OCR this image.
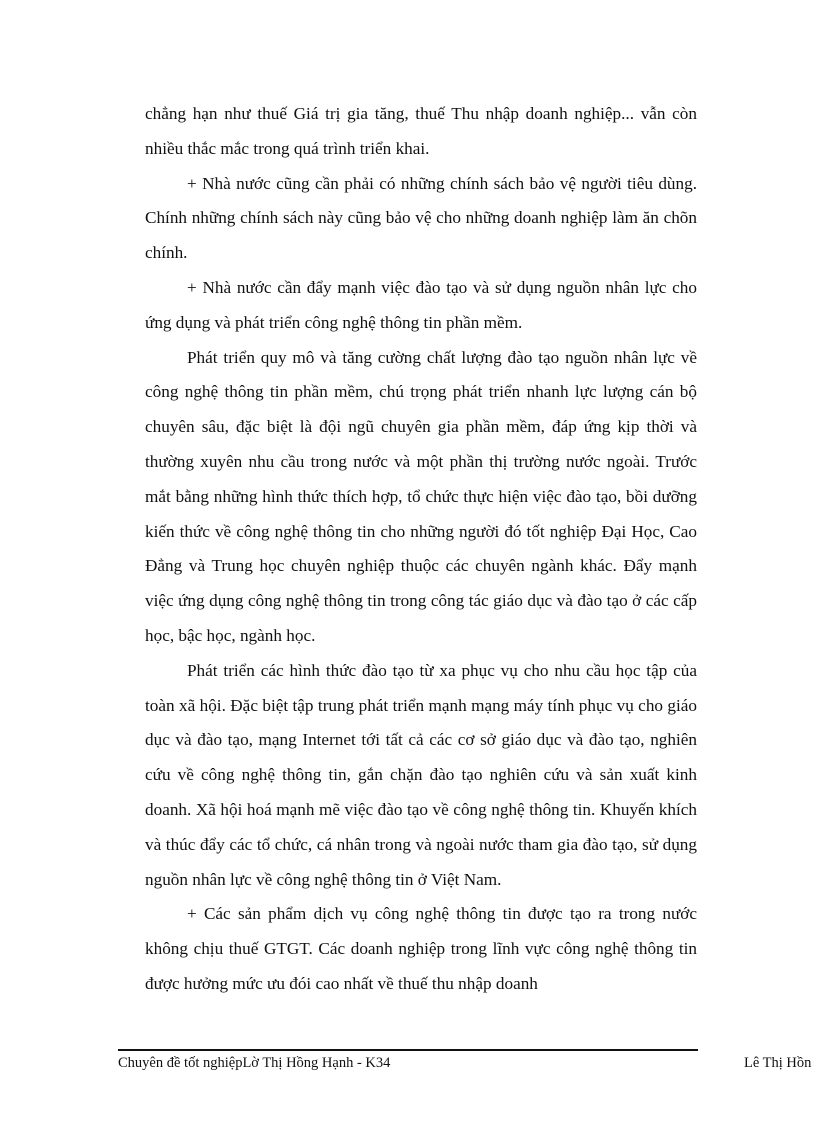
chẳng hạn như thuế Giá trị gia tăng, thuế Thu nhập doanh nghiệp... vẫn còn nhiều thắc mắc trong quá trình triển khai.

+ Nhà nước cũng cần phải có những chính sách bảo vệ người tiêu dùng. Chính những chính sách này cũng bảo vệ cho những doanh nghiệp làm ăn chõn chính.

+ Nhà nước cần đẩy mạnh việc đào tạo và sử dụng nguồn nhân lực cho ứng dụng và phát triển công nghệ thông tin phần mềm.

Phát triển quy mô và tăng cường chất lượng đào tạo nguồn nhân lực về công nghệ thông tin phần mềm, chú trọng phát triển nhanh lực lượng cán bộ chuyên sâu, đặc biệt là đội ngũ chuyên gia phần mềm, đáp ứng kịp thời và thường xuyên nhu cầu trong nước và một phần thị trường nước ngoài. Trước mắt bằng những hình thức thích hợp, tổ chức thực hiện việc đào tạo, bồi dưỡng kiến thức về công nghệ thông tin cho những người đó tốt nghiệp Đại Học, Cao Đẳng và Trung học chuyên nghiệp thuộc các chuyên ngành khác. Đẩy mạnh việc ứng dụng công nghệ thông tin trong công tác giáo dục và đào tạo ở các cấp học, bậc học, ngành học.

Phát triển các hình thức đào tạo từ xa phục vụ cho nhu cầu học tập của toàn xã hội. Đặc biệt tập trung phát triển mạnh mạng máy tính phục vụ cho giáo dục và đào tạo, mạng Internet tới tất cả các cơ sở giáo dục và đào tạo, nghiên cứu về công nghệ thông tin, gắn chặn đào tạo nghiên cứu và sản xuất kinh doanh. Xã hội hoá mạnh mẽ việc đào tạo về công nghệ thông tin. Khuyến khích và thúc đẩy các tổ chức, cá nhân trong và ngoài nước tham gia đào tạo, sử dụng nguồn nhân lực về công nghệ thông tin ở Việt Nam.

+ Các sản phẩm dịch vụ công nghệ thông tin được tạo ra trong nước không chịu thuế GTGT. Các doanh nghiệp trong lĩnh vực công nghệ thông tin được hưởng mức ưu đói cao nhất về thuế thu nhập doanh

Chuyên đề tốt nghiệpLờ Thị Hồng Hạnh - K34	Lê Thị Hồn
